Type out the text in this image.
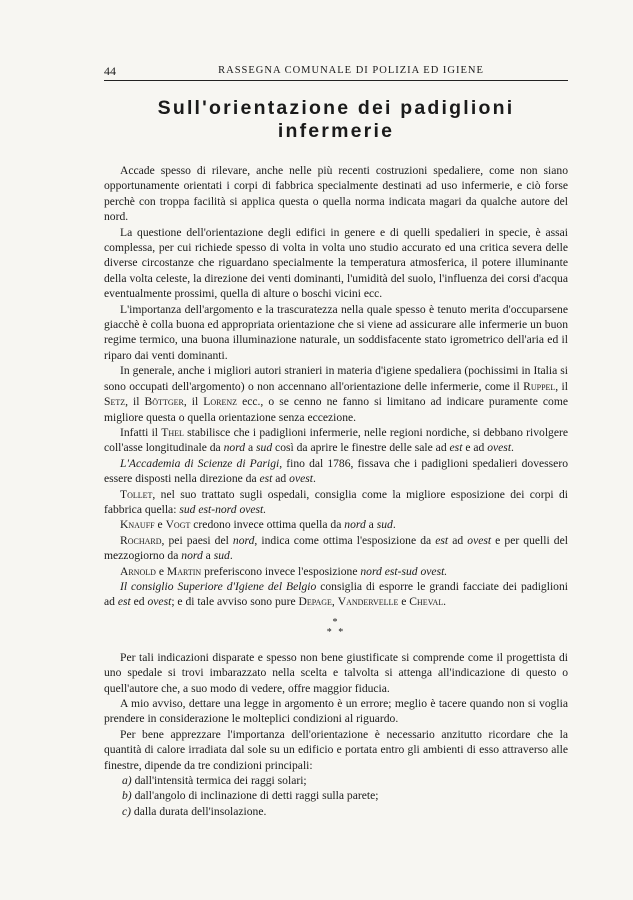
44	RASSEGNA COMUNALE DI POLIZIA ED IGIENE
Sull'orientazione dei padiglioni infermerie

Accade spesso di rilevare, anche nelle più recenti costruzioni spedaliere, come non siano opportunamente orientati i corpi di fabbrica specialmente destinati ad uso infermerie, e ciò forse perchè con troppa facilità si applica questa o quella norma indicata magari da qualche autore del nord.

La questione dell'orientazione degli edifici in genere e di quelli spedalieri in specie, è assai complessa, per cui richiede spesso di volta in volta uno studio accurato ed una critica severa delle diverse circostanze che riguardano specialmente la temperatura atmosferica, il potere illuminante della volta celeste, la direzione dei venti dominanti, l'umidità del suolo, l'influenza dei corsi d'acqua eventualmente prossimi, quella di alture o boschi vicini ecc.

L'importanza dell'argomento e la trascuratezza nella quale spesso è tenuto merita d'occuparsene giacchè è colla buona ed appropriata orientazione che si viene ad assicurare alle infermerie un buon regime termico, una buona illuminazione naturale, un soddisfacente stato igrometrico dell'aria ed il riparo dai venti dominanti.

In generale, anche i migliori autori stranieri in materia d'igiene spedaliera (pochissimi in Italia si sono occupati dell'argomento) o non accennano all'orientazione delle infermerie, come il Ruppel, il Setz, il Böttger, il Lorenz ecc., o se cenno ne fanno si limitano ad indicare puramente come migliore questa o quella orientazione senza eccezione.

Infatti il Thel stabilisce che i padiglioni infermerie, nelle regioni nordiche, si debbano rivolgere coll'asse longitudinale da nord a sud così da aprire le finestre delle sale ad est e ad ovest.

L'Accademia di Scienze di Parigi, fino dal 1786, fissava che i padiglioni spedalieri dovessero essere disposti nella direzione da est ad ovest.

Tollet, nel suo trattato sugli ospedali, consiglia come la migliore esposizione dei corpi di fabbrica quella: sud est-nord ovest.

Knauff e Vogt credono invece ottima quella da nord a sud.

Rochard, pei paesi del nord, indica come ottima l'esposizione da est ad ovest e per quelli del mezzogiorno da nord a sud.

Arnold e Martin preferiscono invece l'esposizione nord est-sud ovest.

Il consiglio Superiore d'Igiene del Belgio consiglia di esporre le grandi facciate dei padiglioni ad est ed ovest; e di tale avviso sono pure Depage, Vandervelle e Cheval.

*
* *

Per tali indicazioni disparate e spesso non bene giustificate si comprende come il progettista di uno spedale si trovi imbarazzato nella scelta e talvolta si attenga all'indicazione di questo o quell'autore che, a suo modo di vedere, offre maggior fiducia.

A mio avviso, dettare una legge in argomento è un errore; meglio è tacere quando non si voglia prendere in considerazione le molteplici condizioni al riguardo.

Per bene apprezzare l'importanza dell'orientazione è necessario anzitutto ricordare che la quantità di calore irradiata dal sole su un edificio e portata entro gli ambienti di esso attraverso alle finestre, dipende da tre condizioni principali:

a) dall'intensità termica dei raggi solari;

b) dall'angolo di inclinazione di detti raggi sulla parete;

c) dalla durata dell'insolazione.
